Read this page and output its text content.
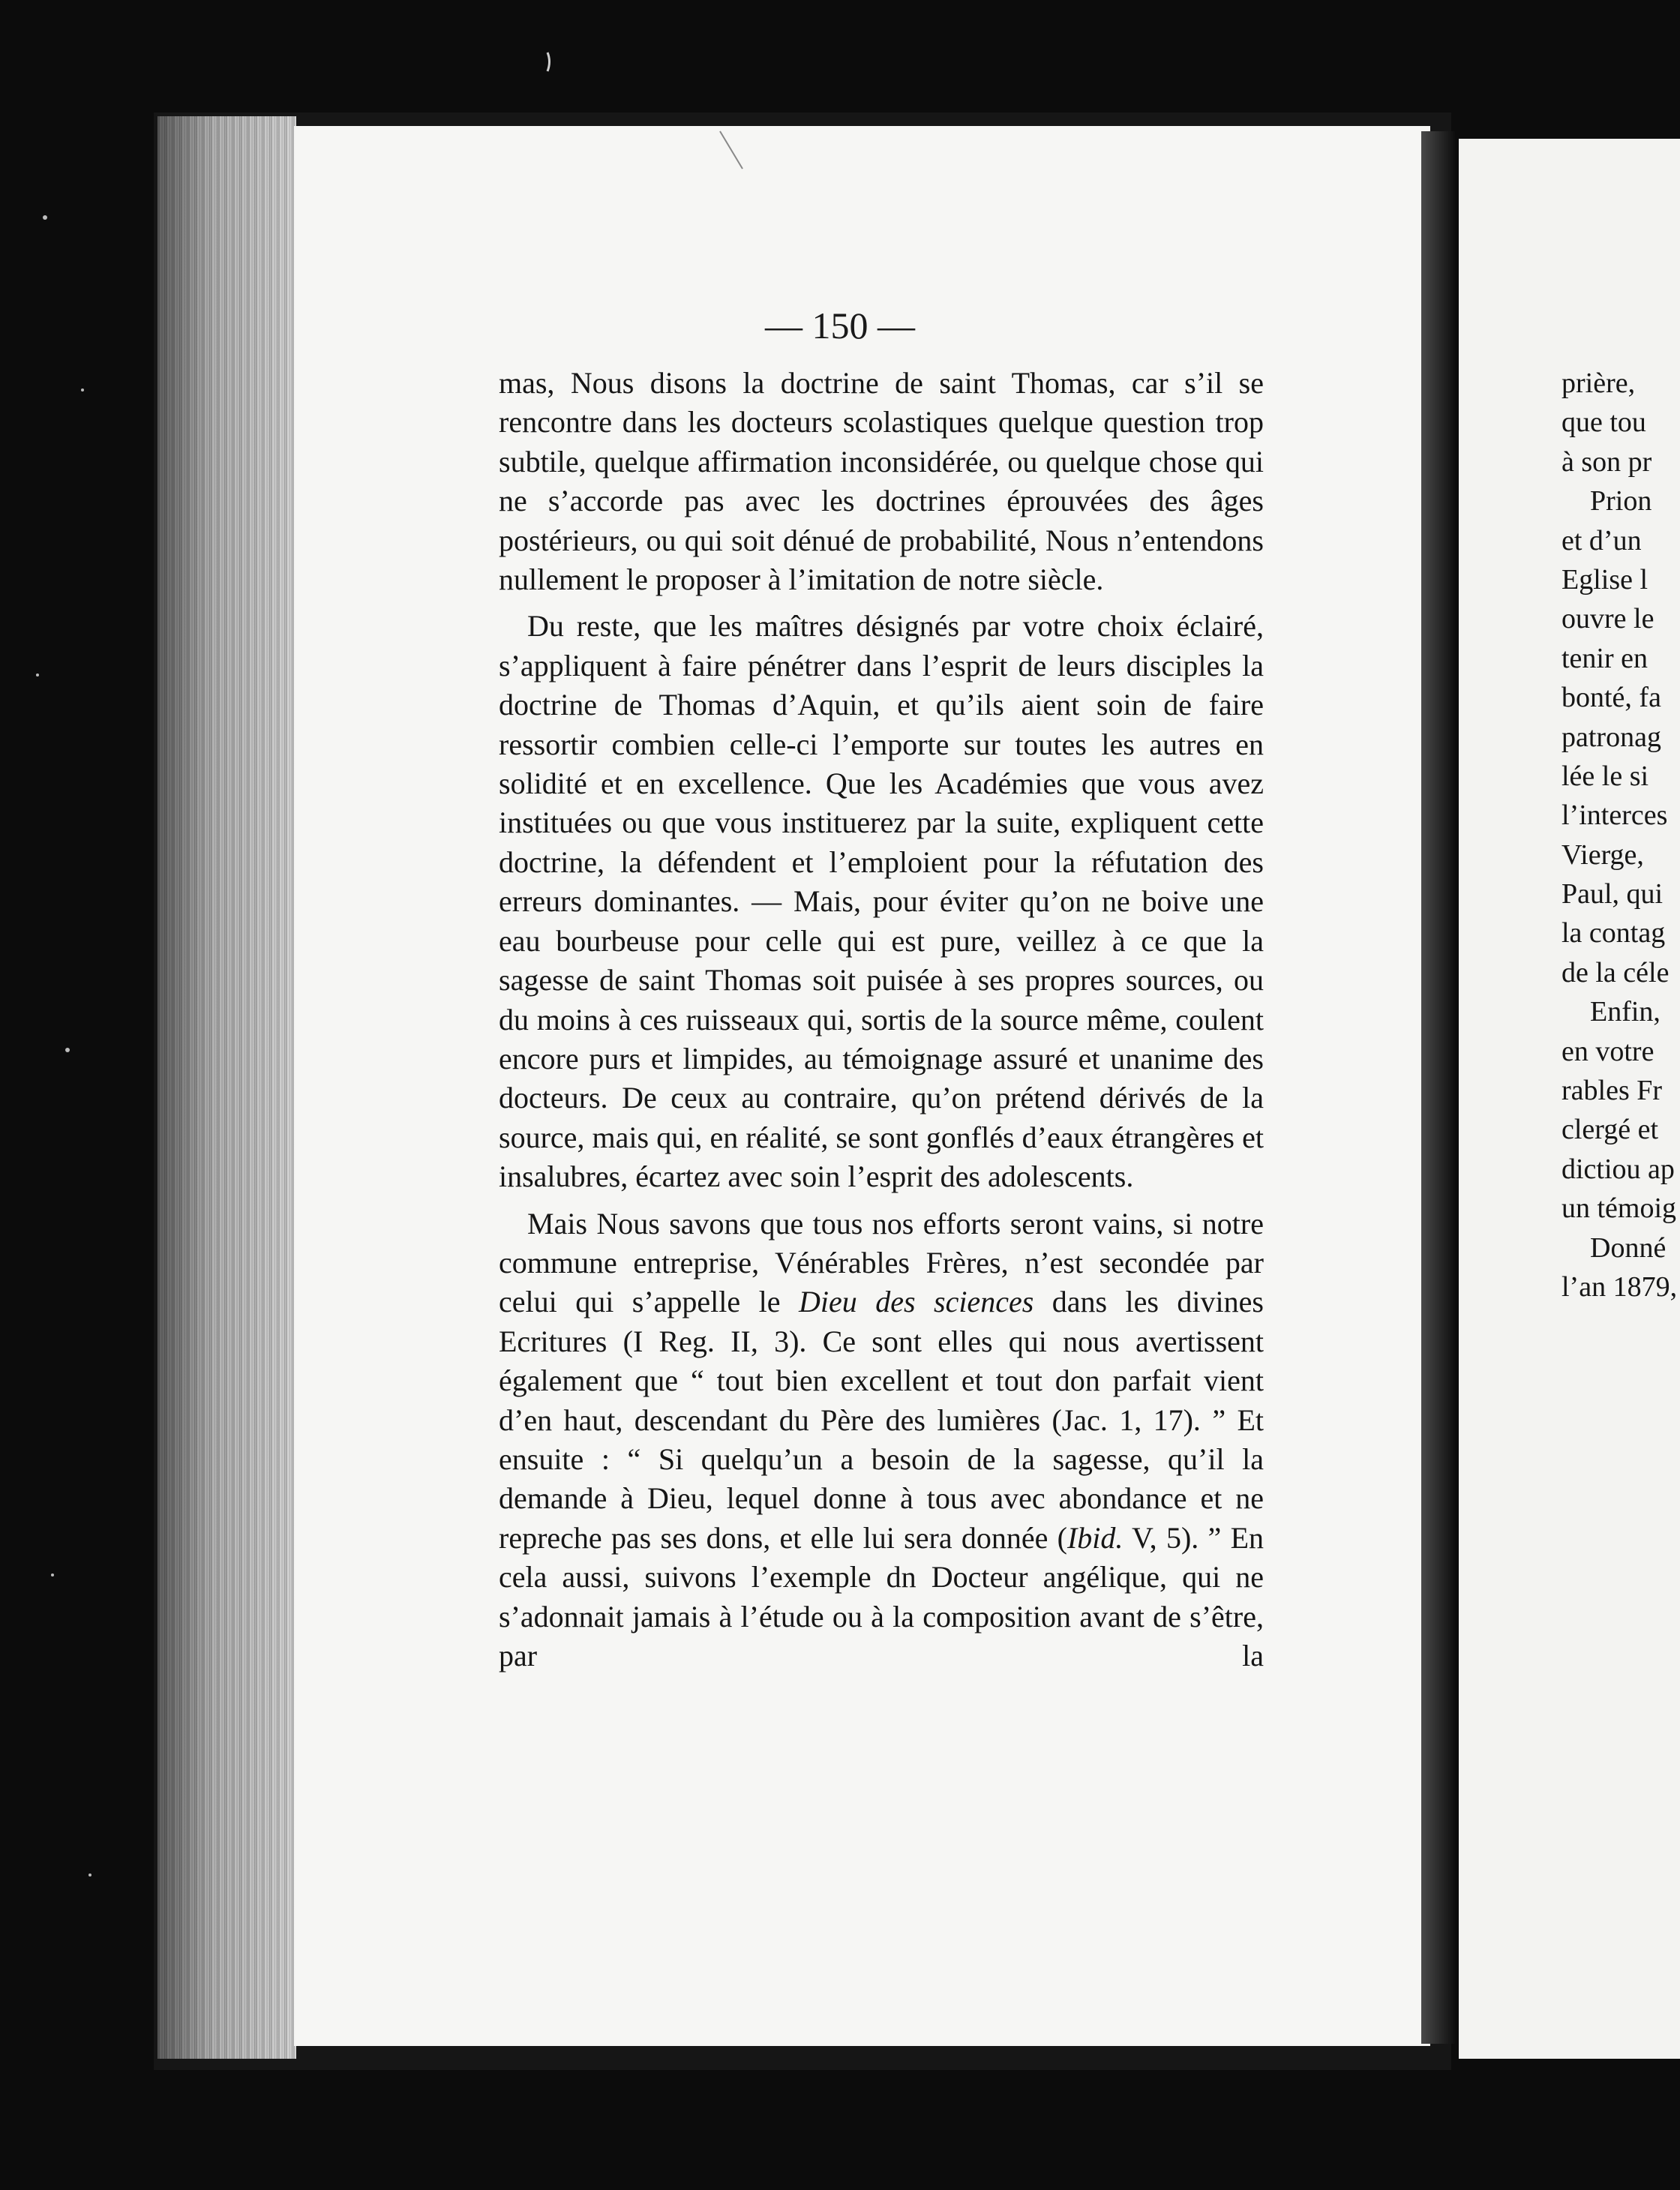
— 150 —

mas, Nous disons la doctrine de saint Thomas, car s’il se rencontre dans les docteurs scolastiques quelque question trop subtile, quelque affirmation inconsidérée, ou quelque chose qui ne s’accorde pas avec les doctrines éprouvées des âges postérieurs, ou qui soit dénué de probabilité, Nous n’entendons nullement le proposer à l’imitation de notre siècle.

Du reste, que les maîtres désignés par votre choix éclairé, s’appliquent à faire pénétrer dans l’esprit de leurs disciples la doctrine de Thomas d’Aquin, et qu’ils aient soin de faire ressortir combien celle-ci l’emporte sur toutes les autres en solidité et en excellence. Que les Académies que vous avez instituées ou que vous instituerez par la suite, expliquent cette doctrine, la défendent et l’emploient pour la réfutation des erreurs dominantes. — Mais, pour éviter qu’on ne boive une eau bourbeuse pour celle qui est pure, veillez à ce que la sagesse de saint Thomas soit puisée à ses propres sources, ou du moins à ces ruisseaux qui, sortis de la source même, coulent encore purs et limpides, au témoignage assuré et unanime des docteurs. De ceux au contraire, qu’on prétend dérivés de la source, mais qui, en réalité, se sont gonflés d’eaux étrangères et insalubres, écartez avec soin l’esprit des adolescents.

Mais Nous savons que tous nos efforts seront vains, si notre commune entreprise, Vénérables Frères, n’est secondée par celui qui s’appelle le Dieu des sciences dans les divines Ecritures (I Reg. II, 3). Ce sont elles qui nous avertissent également que “ tout bien excellent et tout don parfait vient d’en haut, descendant du Père des lumières (Jac. 1, 17). ” Et ensuite : “ Si quelqu’un a besoin de la sagesse, qu’il la demande à Dieu, lequel donne à tous avec abondance et ne repreche pas ses dons, et elle lui sera donnée (Ibid. V, 5). ” En cela aussi, suivons l’exemple dn Docteur angélique, qui ne s’adonnait jamais à l’étude ou à la composition avant de s’être, par la

prière,
que tou
à son pr
Prion
et d’un
Eglise l
ouvre le
tenir en
bonté, fa
patronag
lée le si
l’interces
Vierge,
Paul, qui
la contag
de la céle
Enfin,
en votre
rables Fr
clergé et
dictiou ap
un témoig
Donné
l’an 1879,
